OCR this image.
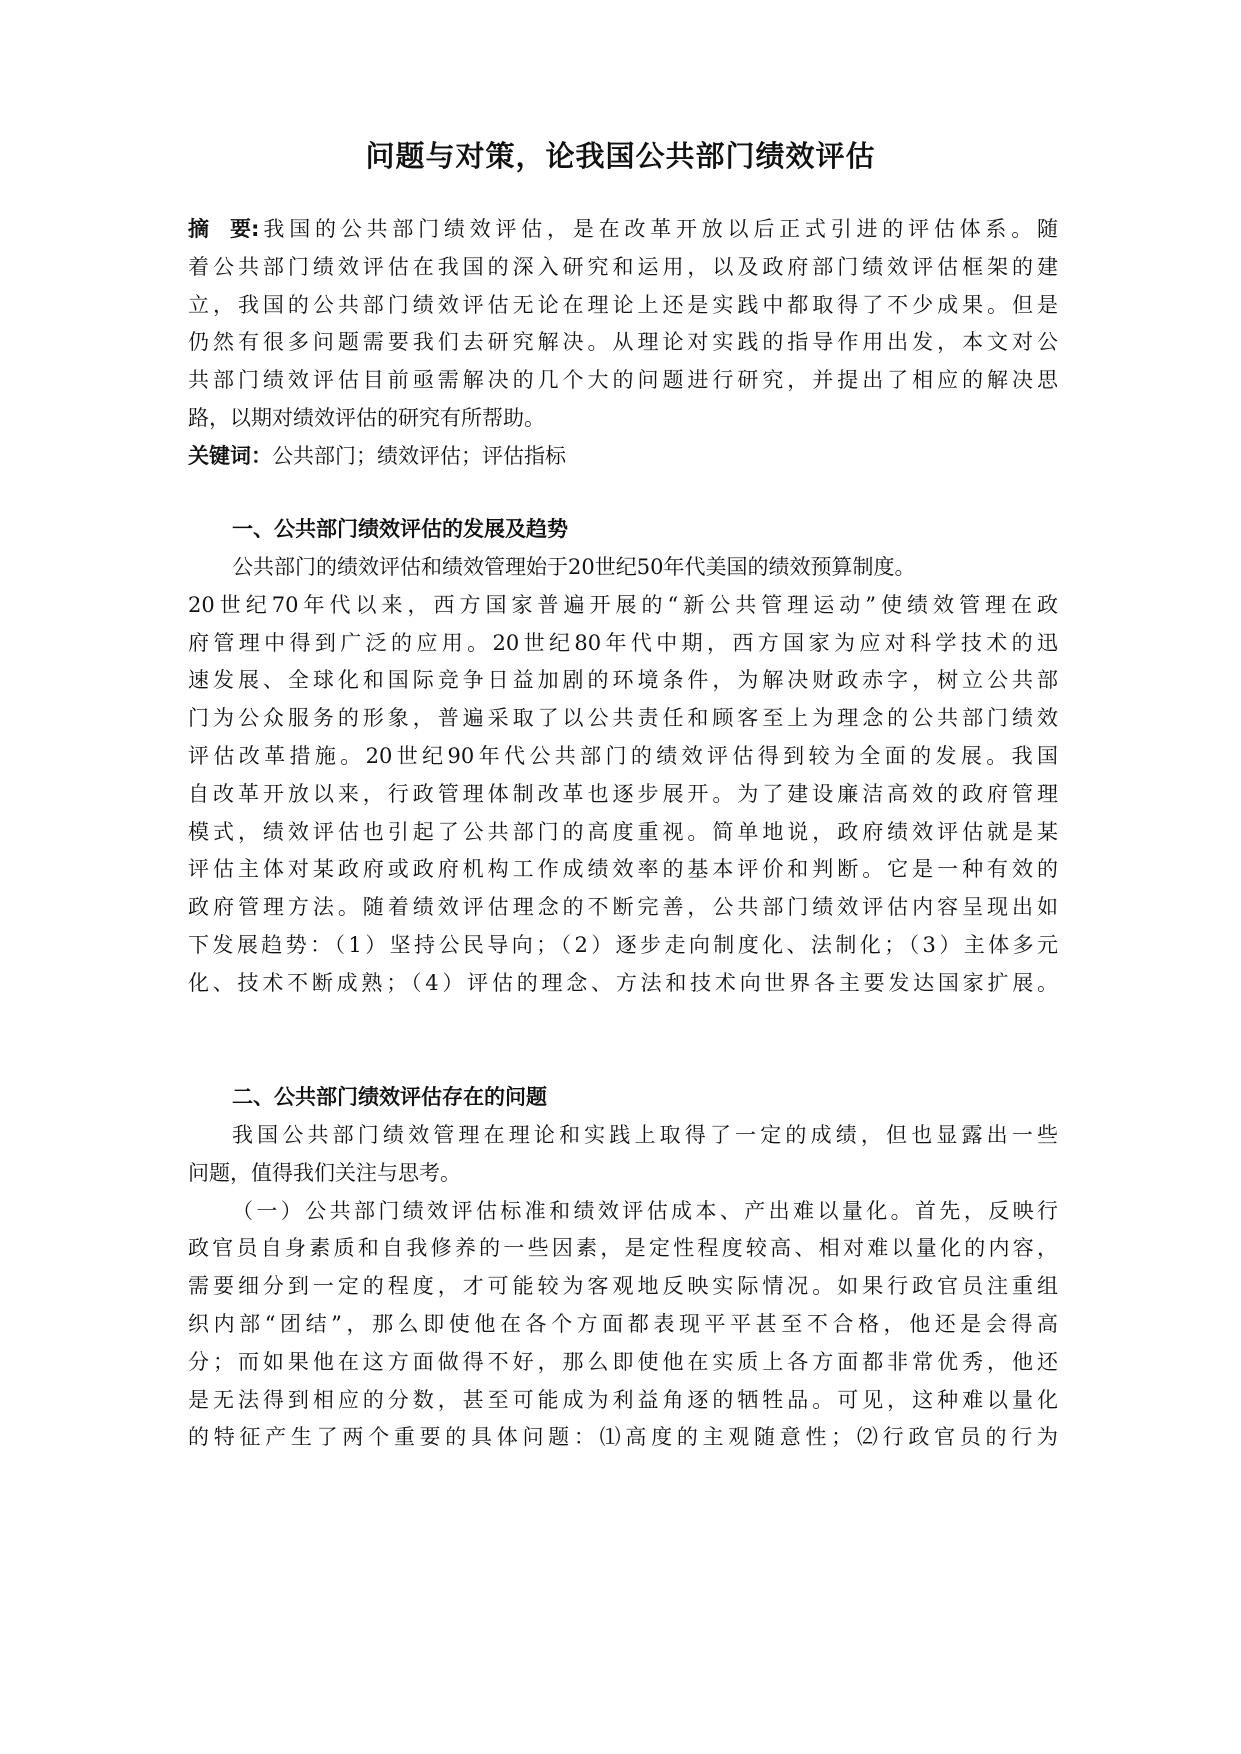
问题与对策，论我国公共部门绩效评估
摘　要: 我国的公共部门绩效评估，是在改革开放以后正式引进的评估体系。随
着公共部门绩效评估在我国的深入研究和运用，以及政府部门绩效评估框架的建
立，我国的公共部门绩效评估无论在理论上还是实践中都取得了不少成果。但是
仍然有很多问题需要我们去研究解决。从理论对实践的指导作用出发，本文对公
共部门绩效评估目前亟需解决的几个大的问题进行研究，并提出了相应的解决思
路，以期对绩效评估的研究有所帮助。
关键词：公共部门；绩效评估；评估指标
一、公共部门绩效评估的发展及趋势
公共部门的绩效评估和绩效管理始于20世纪50年代美国的绩效预算制度。
20世纪70年代以来，西方国家普遍开展的“新公共管理运动”使绩效管理在政
府管理中得到广泛的应用。20世纪80年代中期，西方国家为应对科学技术的迅
速发展、全球化和国际竞争日益加剧的环境条件，为解决财政赤字，树立公共部
门为公众服务的形象，普遍采取了以公共责任和顾客至上为理念的公共部门绩效
评估改革措施。20世纪90年代公共部门的绩效评估得到较为全面的发展。我国
自改革开放以来，行政管理体制改革也逐步展开。为了建设廉洁高效的政府管理
模式，绩效评估也引起了公共部门的高度重视。简单地说，政府绩效评估就是某
评估主体对某政府或政府机构工作成绩效率的基本评价和判断。它是一种有效的
政府管理方法。随着绩效评估理念的不断完善，公共部门绩效评估内容呈现出如
下发展趋势：（1）坚持公民导向；（2）逐步走向制度化、法制化；（3）主体多元
化、技术不断成熟；（4）评估的理念、方法和技术向世界各主要发达国家扩展。
二、公共部门绩效评估存在的问题
我国公共部门绩效管理在理论和实践上取得了一定的成绩，但也显露出一些
问题，值得我们关注与思考。
（一）公共部门绩效评估标准和绩效评估成本、产出难以量化。首先，反映行
政官员自身素质和自我修养的一些因素，是定性程度较高、相对难以量化的内容，
需要细分到一定的程度，才可能较为客观地反映实际情况。如果行政官员注重组
织内部“团结”，那么即使他在各个方面都表现平平甚至不合格，他还是会得高
分；而如果他在这方面做得不好，那么即使他在实质上各方面都非常优秀，他还
是无法得到相应的分数，甚至可能成为利益角逐的牺牲品。可见，这种难以量化
的特征产生了两个重要的具体问题：⑴高度的主观随意性；⑵行政官员的行为
